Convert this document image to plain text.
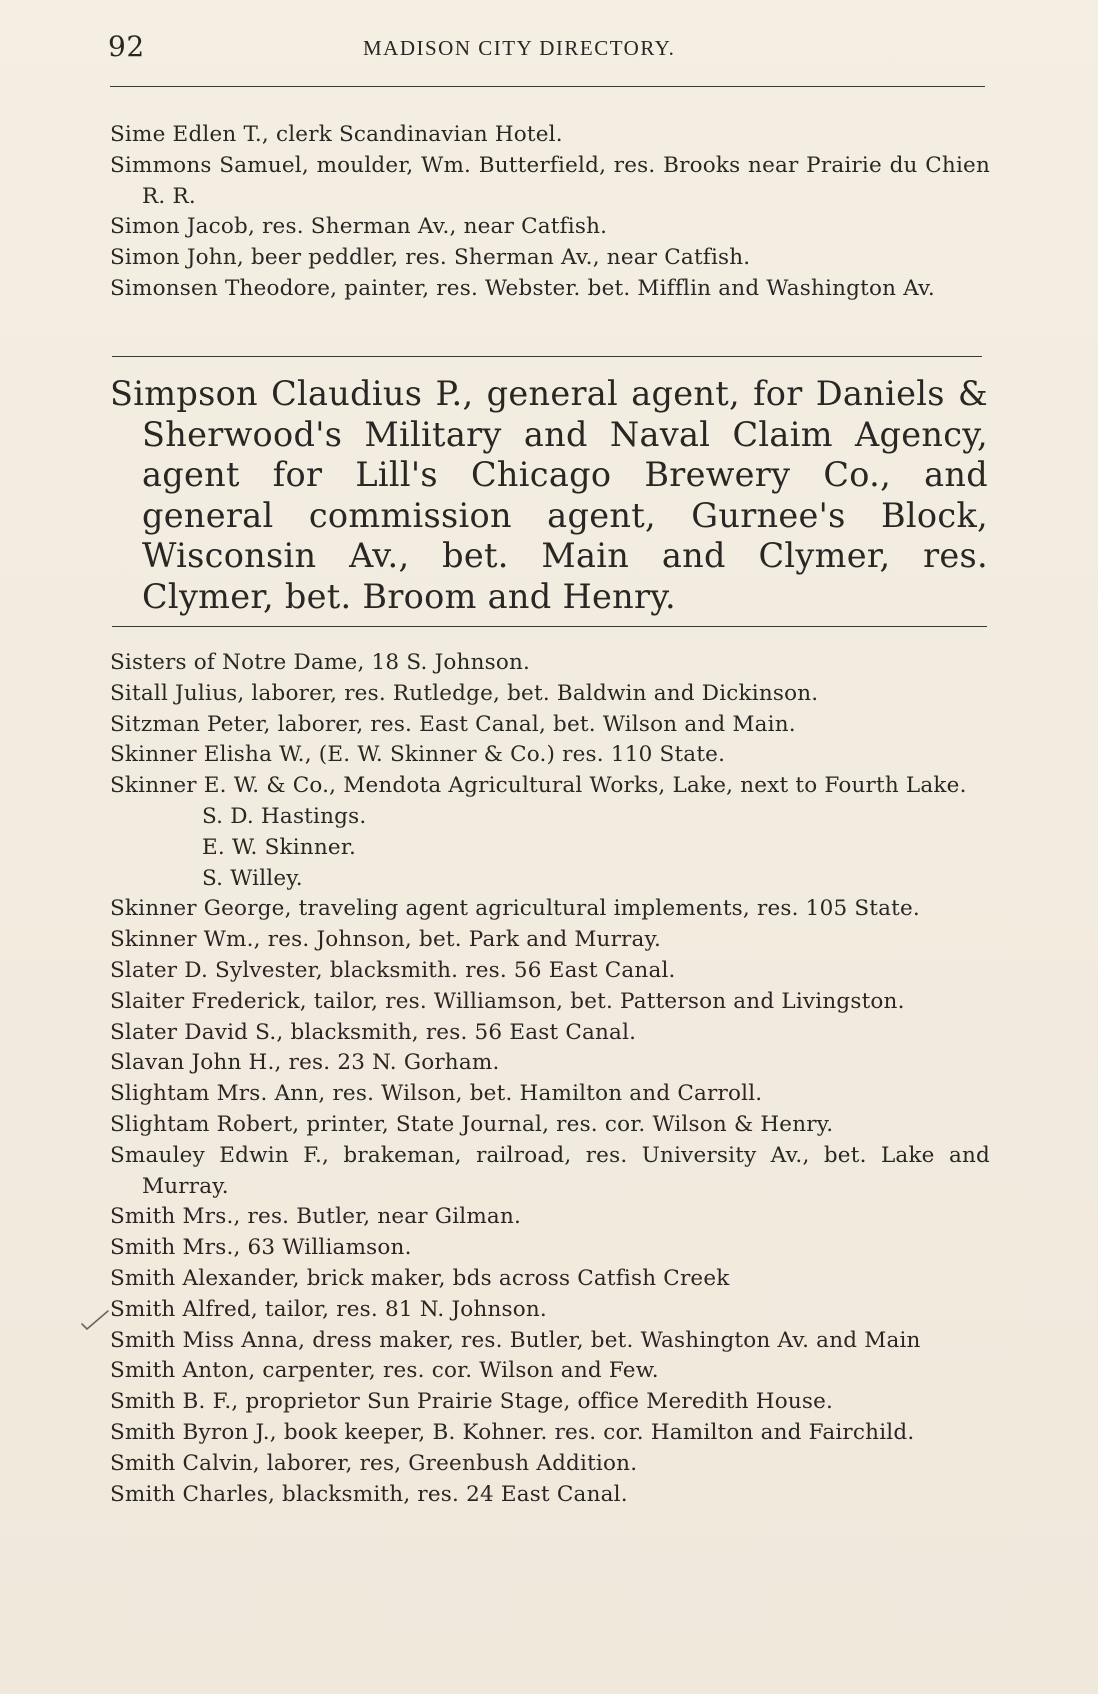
92	MADISON CITY DIRECTORY.

Sime Edlen T., clerk Scandinavian Hotel.

Simmons Samuel, moulder, Wm. Butterfield, res. Brooks near Prairie du Chien R. R.

Simon Jacob, res. Sherman Av., near Catfish.

Simon John, beer peddler, res. Sherman Av., near Catfish.

Simonsen Theodore, painter, res. Webster. bet. Mifflin and Washington Av.

Simpson Claudius P., general agent, for Daniels & Sherwood's Military and Naval Claim Agency, agent for Lill's Chicago Brewery Co., and general commission agent, Gurnee's Block, Wisconsin Av., bet. Main and Clymer, res. Clymer, bet. Broom and Henry.

Sisters of Notre Dame, 18 S. Johnson.

Sitall Julius, laborer, res. Rutledge, bet. Baldwin and Dickinson.

Sitzman Peter, laborer, res. East Canal, bet. Wilson and Main.

Skinner Elisha W., (E. W. Skinner & Co.) res. 110 State.

Skinner E. W. & Co., Mendota Agricultural Works, Lake, next to Fourth Lake.

S. D. Hastings.

E. W. Skinner.

S. Willey.

Skinner George, traveling agent agricultural implements, res. 105 State.

Skinner Wm., res. Johnson, bet. Park and Murray.

Slater D. Sylvester, blacksmith. res. 56 East Canal.

Slaiter Frederick, tailor, res. Williamson, bet. Patterson and Livingston.

Slater David S., blacksmith, res. 56 East Canal.

Slavan John H., res. 23 N. Gorham.

Slightam Mrs. Ann, res. Wilson, bet. Hamilton and Carroll.

Slightam Robert, printer, State Journal, res. cor. Wilson & Henry.

Smauley Edwin F., brakeman, railroad, res. University Av., bet. Lake and Murray.

Smith Mrs., res. Butler, near Gilman.

Smith Mrs., 63 Williamson.

Smith Alexander, brick maker, bds across Catfish Creek

Smith Alfred, tailor, res. 81 N. Johnson.

Smith Miss Anna, dress maker, res. Butler, bet. Washington Av. and Main

Smith Anton, carpenter, res. cor. Wilson and Few.

Smith B. F., proprietor Sun Prairie Stage, office Meredith House.

Smith Byron J., book keeper, B. Kohner. res. cor. Hamilton and Fairchild.

Smith Calvin, laborer, res, Greenbush Addition.

Smith Charles, blacksmith, res. 24 East Canal.
